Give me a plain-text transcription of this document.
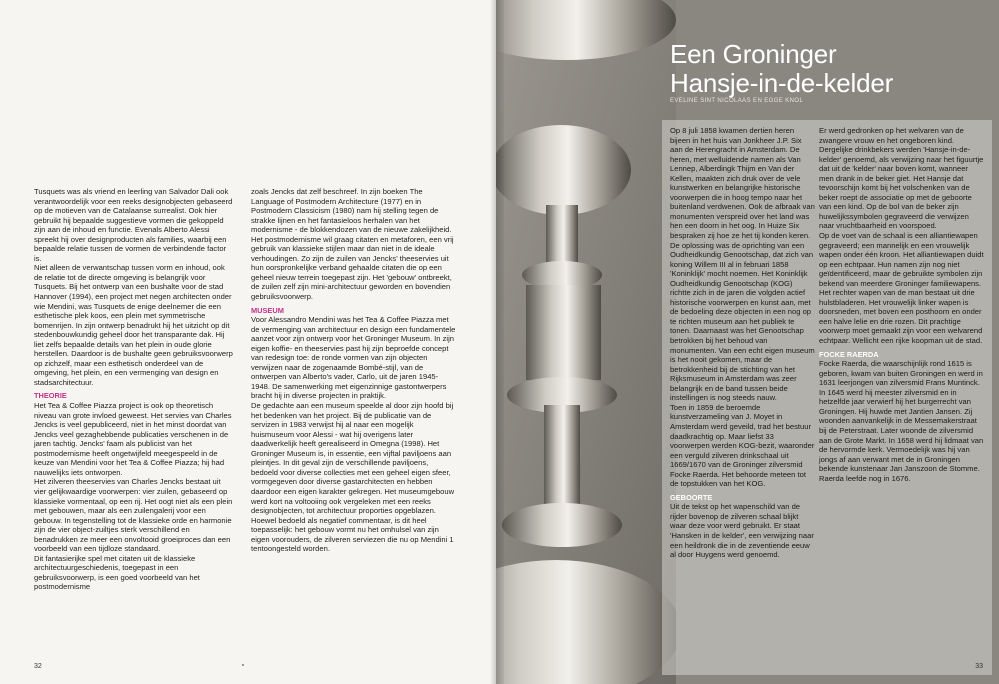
Tusquets was als vriend en leerling van Salvador Dali ook verantwoordelijk voor een reeks designobjecten gebaseerd op de motieven van de Catalaanse surrealist. Ook hier gebruikt hij bepaalde suggestieve vormen die gekoppeld zijn aan de inhoud en functie. Evenals Alberto Alessi spreekt hij over designproducten als families, waarbij een bepaalde relatie tussen de vormen de verbindende factor is.

Niet alleen de verwantschap tussen vorm en inhoud, ook de relatie tot de directe omgeving is belangrijk voor Tusquets. Bij het ontwerp van een bushalte voor de stad Hannover (1994), een project met negen architecten onder wie Mendini, was Tusquets de enige deelnemer die een esthetische plek koos, een plein met symmetrische bomenrijen. In zijn ontwerp benadrukt hij het uitzicht op dit stedenbouwkundig geheel door het transparante dak. Hij liet zelfs bepaalde details van het plein in oude glorie herstellen. Daardoor is de bushalte geen gebruiksvoorwerp op zichzelf, maar een esthetisch onderdeel van de omgeving, het plein, en een vermenging van design en stadsarchitectuur.

THEORIE

Het Tea & Coffee Piazza project is ook op theoretisch niveau van grote invloed geweest. Het servies van Charles Jencks is veel gepubliceerd, niet in het minst doordat van Jencks veel gezaghebbende publicaties verschenen in de jaren tachtig. Jencks' faam als publicist van het postmodernisme heeft ongetwijfeld meegespeeld in de keuze van Mendini voor het Tea & Coffee Piazza; hij had nauwelijks iets ontworpen.

Het zilveren theeservies van Charles Jencks bestaat uit vier gelijkwaardige voorwerpen: vier zuilen, gebaseerd op klassieke vormentaal, op een rij. Het oogt niet als een plein met gebouwen, maar als een zuilengalerij voor een gebouw. In tegenstelling tot de klassieke orde en harmonie zijn de vier object-zuiltjes sterk verschillend en benadrukken ze meer een onvoltooid groeiproces dan een voorbeeld van een tijdloze standaard.

Dit fantasierijke spel met citaten uit de klassieke architectuurgeschiedenis, toegepast in een gebruiksvoorwerp, is een goed voorbeeld van het postmodernisme

zoals Jencks dat zelf beschreef. In zijn boeken The Language of Postmodern Architecture (1977) en in Postmodern Classicism (1980) nam hij stelling tegen de strakke lijnen en het fantasieloos herhalen van het modernisme - de blokkendozen van de nieuwe zakelijkheid. Het postmodernisme wil graag citaten en metaforen, een vrij gebruik van klassieke stijlen maar dan niet in de ideale verhoudingen. Zo zijn de zuilen van Jencks' theeservies uit hun oorspronkelijke verband gehaalde citaten die op een geheel nieuw terrein toegepast zijn. Het 'gebouw' ontbreekt, de zuilen zelf zijn mini-architectuur geworden en bovendien gebruiksvoorwerp.

MUSEUM

Voor Alessandro Mendini was het Tea & Coffee Piazza met de vermenging van architectuur en design een fundamentele aanzet voor zijn ontwerp voor het Groninger Museum. In zijn eigen koffie- en theeservies past hij zijn beproefde concept van redesign toe: de ronde vormen van zijn objecten verwijzen naar de zogenaamde Bombé-stijl, van de ontwerpen van Alberto's vader, Carlo, uit de jaren 1945-1948. De samenwerking met eigenzinnige gastontwerpers bracht hij in diverse projecten in praktijk.

De gedachte aan een museum speelde al door zijn hoofd bij het bedenken van het project. Bij de publicatie van de servizen in 1983 verwijst hij al naar een mogelijk huismuseum voor Alessi - wat hij overigens later daadwerkelijk heeft gerealiseerd in Omegna (1998). Het Groninger Museum is, in essentie, een vijftal paviljoens aan pleintjes. In dit geval zijn de verschillende paviljoens, bedoeld voor diverse collecties met een geheel eigen sfeer, vormgegeven door diverse gastarchitecten en hebben daardoor een eigen karakter gekregen. Het museumgebouw werd kort na voltooiing ook vergeleken met een reeks designobjecten, tot architectuur proporties opgeblazen. Hoewel bedoeld als negatief commentaar, is dit heel toepasselijk: het gebouw vormt nu het omhulsel van zijn eigen voorouders, de zilveren serviezen die nu op Mendini 1 tentoongesteld worden.

32
Een Groninger
Hansje-in-de-kelder
EVELINE SINT NICOLAAS EN EGGE KNOL

Op 8 juli 1858 kwamen dertien heren bijeen in het huis van Jonkheer J.P. Six aan de Herengracht in Amsterdam. De heren, met welluidende namen als Van Lennep, Alberdingk Thijm en Van der Kellen, maakten zich druk over de vele kunstwerken en belangrijke historische voorwerpen die in hoog tempo naar het buitenland verdwenen. Ook de afbraak van monumenten verspreid over het land was hen een doorn in het oog. In Huize Six bespraken zij hoe ze het tij konden keren. De oplossing was de oprichting van een Oudheidkundig Genootschap, dat zich van koning Willem III al in februari 1858 'Koninklijk' mocht noemen. Het Koninklijk Oudheidkundig Genootschap (KOG) richtte zich in de jaren die volgden actief historische voorwerpen en kunst aan, met de bedoeling deze objecten in een nog op te richten museum aan het publiek te tonen. Daarnaast was het Genootschap betrokken bij het behoud van monumenten. Van een echt eigen museum is het nooit gekomen, maar de betrokkenheid bij de stichting van het Rijksmuseum in Amsterdam was zeer belangrijk en de band tussen beide instellingen is nog steeds nauw.

Toen in 1859 de beroemde kunstverzameling van J. Moyet in Amsterdam werd geveild, trad het bestuur daadkrachtig op. Maar liefst 33 voorwerpen werden KOG-bezit, waaronder een verguld zilveren drinkschaal uit 1669/1670 van de Groninger zilversmid Focke Raerda. Het behoorde meteen tot de topstukken van het KOG.

GEBOORTE

Uit de tekst op het wapenschild van de rijder bovenop de zilveren schaal blijkt waar deze voor werd gebruikt. Er staat 'Hansken in de kelder', een verwijzing naar een heildronk die in de zeventiende eeuw al door Huygens werd genoemd.

Er werd gedronken op het welvaren van de zwangere vrouw en het ongeboren kind. Dergelijke drinkbekers werden 'Hansje-in-de-kelder' genoemd, als verwijzing naar het figuurtje dat uit de 'kelder' naar boven komt, wanneer men drank in de beker giet. Het Hansje dat tevoorschijn komt bij het volschenken van de beker roept de associatie op met de geboorte van een kind. Op de bol van de beker zijn huwelijkssymbolen gegraveerd die verwijzen naar vruchtbaarheid en voorspoed.

Op de voet van de schaal is een alliantiewapen gegraveerd; een mannelijk en een vrouwelijk wapen onder één kroon. Het alliantiewapen duidt op een echtpaar. Hun namen zijn nog niet geïdentificeerd, maar de gebruikte symbolen zijn bekend van meerdere Groninger familiewapens. Het rechter wapen van de man bestaat uit drie hulstbladeren. Het vrouwelijk linker wapen is doorsneden, met boven een posthoorn en onder een halve lelie en drie rozen. Dit prachtige voorwerp moet gemaakt zijn voor een welvarend echtpaar. Wellicht een rijke koopman uit de stad.

FOCKE RAERDA

Focke Raerda, die waarschijnlijk rond 1615 is geboren, kwam van buiten Groningen en werd in 1631 leerjongen van zilversmid Frans Muntinck. In 1645 werd hij meester zilversmid en in hetzelfde jaar verwierf hij het burgerrecht van Groningen. Hij huwde met Jantien Jansen. Zij woonden aanvankelijk in de Messemakerstraat bij de Peterstraat. Later woonde de zilversmid aan de Grote Markt. In 1658 werd hij lidmaat van de hervormde kerk. Vermoedelijk was hij van jongs af aan verwant met de in Groningen bekende kunstenaar Jan Janszoon de Stomme. Raerda leefde nog in 1676.

33
